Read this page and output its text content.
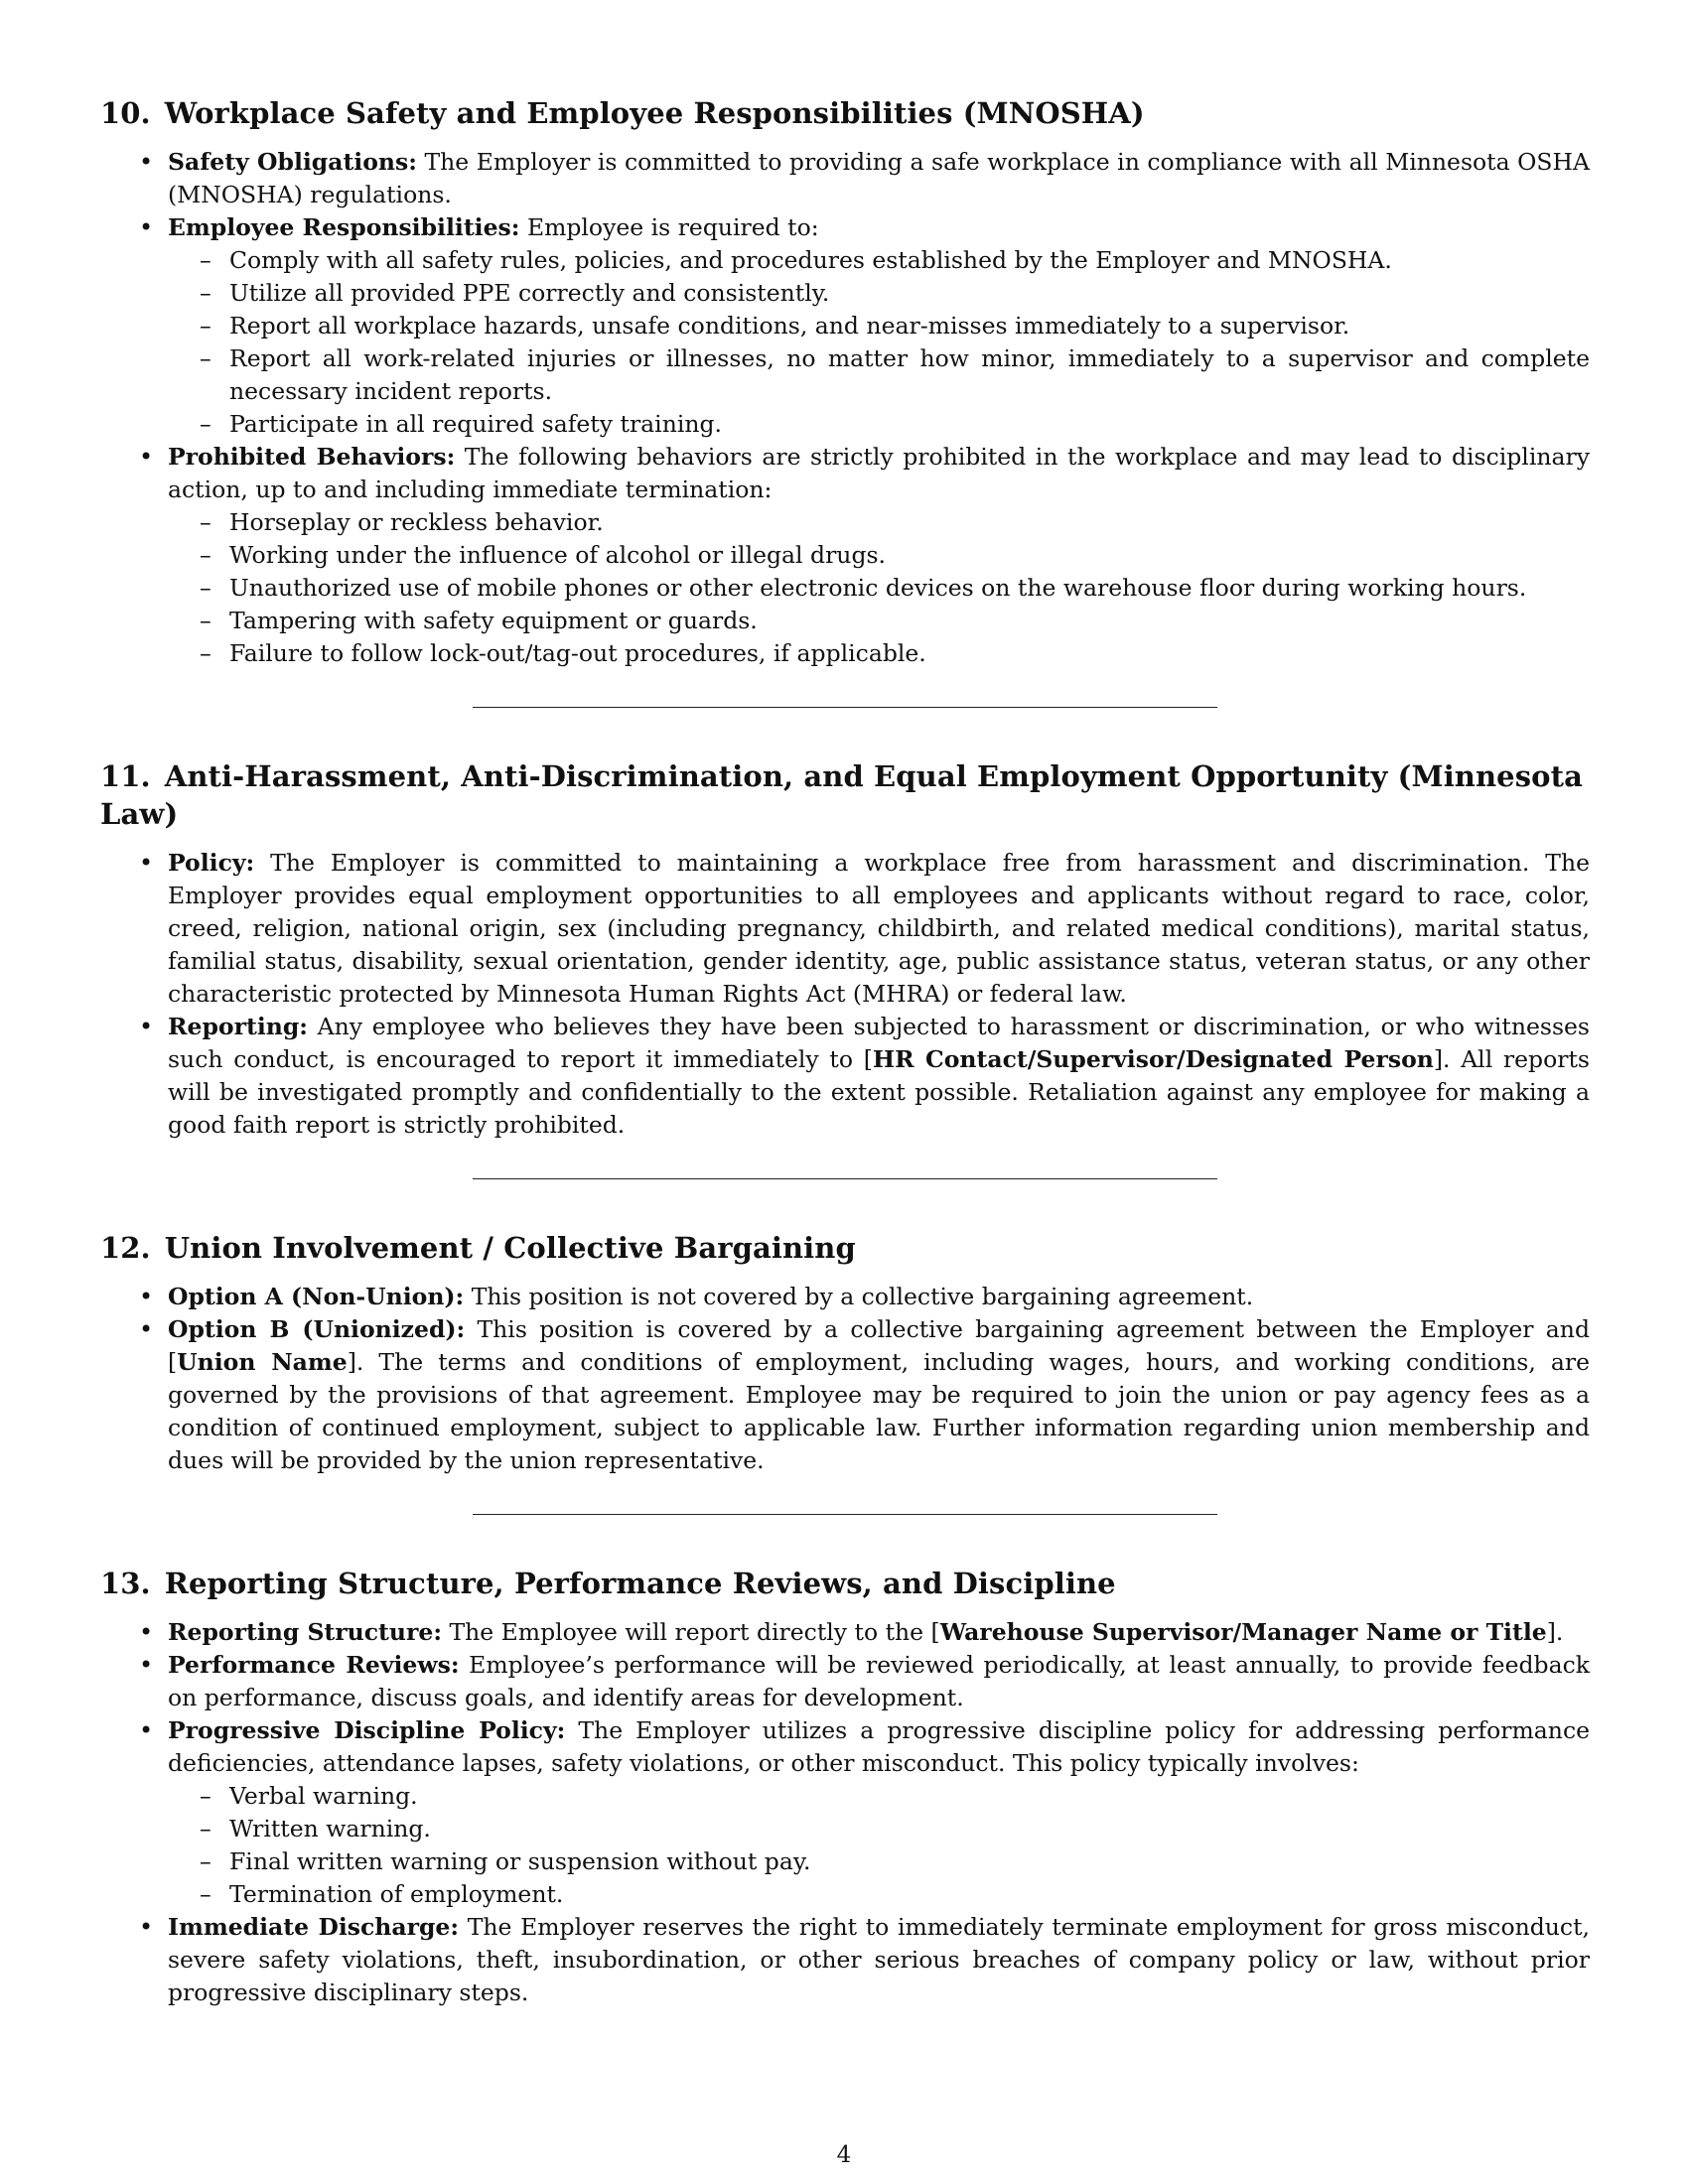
10. Workplace Safety and Employee Responsibilities (MNOSHA)
• Safety Obligations: The Employer is committed to providing a safe workplace in compliance with all Minnesota OSHA (MNOSHA) regulations.
• Employee Responsibilities: Employee is required to:
– Comply with all safety rules, policies, and procedures established by the Employer and MNOSHA.
– Utilize all provided PPE correctly and consistently.
– Report all workplace hazards, unsafe conditions, and near-misses immediately to a supervisor.
– Report all work-related injuries or illnesses, no matter how minor, immediately to a supervisor and complete necessary incident reports.
– Participate in all required safety training.
• Prohibited Behaviors: The following behaviors are strictly prohibited in the workplace and may lead to disciplinary action, up to and including immediate termination:
– Horseplay or reckless behavior.
– Working under the influence of alcohol or illegal drugs.
– Unauthorized use of mobile phones or other electronic devices on the warehouse floor during working hours.
– Tampering with safety equipment or guards.
– Failure to follow lock-out/tag-out procedures, if applicable.
11. Anti-Harassment, Anti-Discrimination, and Equal Employment Opportunity (Minnesota Law)
• Policy: The Employer is committed to maintaining a workplace free from harassment and discrimination. The Employer provides equal employment opportunities to all employees and applicants without regard to race, color, creed, religion, national origin, sex (including pregnancy, childbirth, and related medical conditions), marital status, familial status, disability, sexual orientation, gender identity, age, public assistance status, veteran status, or any other characteristic protected by Minnesota Human Rights Act (MHRA) or federal law.
• Reporting: Any employee who believes they have been subjected to harassment or discrimination, or who witnesses such conduct, is encouraged to report it immediately to [HR Contact/Supervisor/Designated Person]. All reports will be investigated promptly and confidentially to the extent possible. Retaliation against any employee for making a good faith report is strictly prohibited.
12. Union Involvement / Collective Bargaining
• Option A (Non-Union): This position is not covered by a collective bargaining agreement.
• Option B (Unionized): This position is covered by a collective bargaining agreement between the Employer and [Union Name]. The terms and conditions of employment, including wages, hours, and working conditions, are governed by the provisions of that agreement. Employee may be required to join the union or pay agency fees as a condition of continued employment, subject to applicable law. Further information regarding union membership and dues will be provided by the union representative.
13. Reporting Structure, Performance Reviews, and Discipline
• Reporting Structure: The Employee will report directly to the [Warehouse Supervisor/Manager Name or Title].
• Performance Reviews: Employee’s performance will be reviewed periodically, at least annually, to provide feedback on performance, discuss goals, and identify areas for development.
• Progressive Discipline Policy: The Employer utilizes a progressive discipline policy for addressing performance deficiencies, attendance lapses, safety violations, or other misconduct. This policy typically involves:
– Verbal warning.
– Written warning.
– Final written warning or suspension without pay.
– Termination of employment.
• Immediate Discharge: The Employer reserves the right to immediately terminate employment for gross misconduct, severe safety violations, theft, insubordination, or other serious breaches of company policy or law, without prior progressive disciplinary steps.
4
